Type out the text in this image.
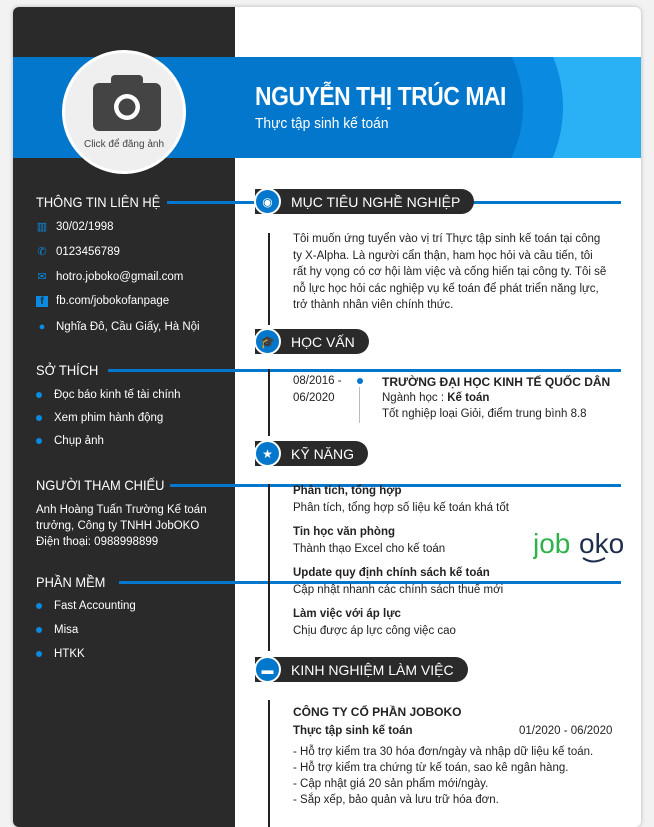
Click để đăng ảnh
NGUYỄN THỊ TRÚC MAI
Thực tập sinh kế toán
THÔNG TIN LIÊN HỆ
▥ 30/02/1998
✆ 0123456789
✉ hotro.joboko@gmail.com
f	fb.com/jobokofanpage
● Nghĩa Đô, Cầu Giấy, Hà Nội
SỞ THÍCH
Đọc báo kinh tế tài chính
Xem phim hành động
Chụp ảnh
NGƯỜI THAM CHIẾU
Anh Hoàng Tuấn Trường Kế toán trưởng, Công ty TNHH JobOKO Điện thoại: 0988998899
PHẦN MỀM
Fast Accounting
Misa
HTKK
◉	MỤC TIÊU NGHỀ NGHIỆP
Tôi muốn ứng tuyển vào vị trí Thực tập sinh kế toán tại công ty X-Alpha. Là người cẩn thận, ham học hỏi và cầu tiến, tôi rất hy vọng có cơ hội làm việc và cống hiến tại công ty. Tôi sẽ nỗ lực học hỏi các nghiệp vụ kế toán để phát triển năng lực, trở thành nhân viên chính thức.
🎓	HỌC VẤN
08/2016 - 06/2020
TRƯỜNG ĐẠI HỌC KINH TẾ QUỐC DÂN
Ngành học : Kế toán
Tốt nghiệp loại Giỏi, điểm trung bình 8.8
★	KỸ NĂNG
Phân tích, tổng hợp
Phân tích, tổng hợp số liệu kế toán khá tốt
Tin học văn phòng
Thành thạo Excel cho kế toán
Update quy định chính sách kế toán
Cập nhật nhanh các chính sách thuế mới
Làm việc với áp lực
Chịu được áp lực công việc cao
job oko
▬	KINH NGHIỆM LÀM VIỆC
CÔNG TY CỔ PHẦN JOBOKO
Thực tập sinh kế toán	01/2020 - 06/2020
- Hỗ trợ kiểm tra 30 hóa đơn/ngày và nhập dữ liệu kế toán.
- Hỗ trợ kiểm tra chứng từ kế toán, sao kê ngân hàng.
- Cập nhật giá 20 sản phẩm mới/ngày.
- Sắp xếp, bảo quản và lưu trữ hóa đơn.
